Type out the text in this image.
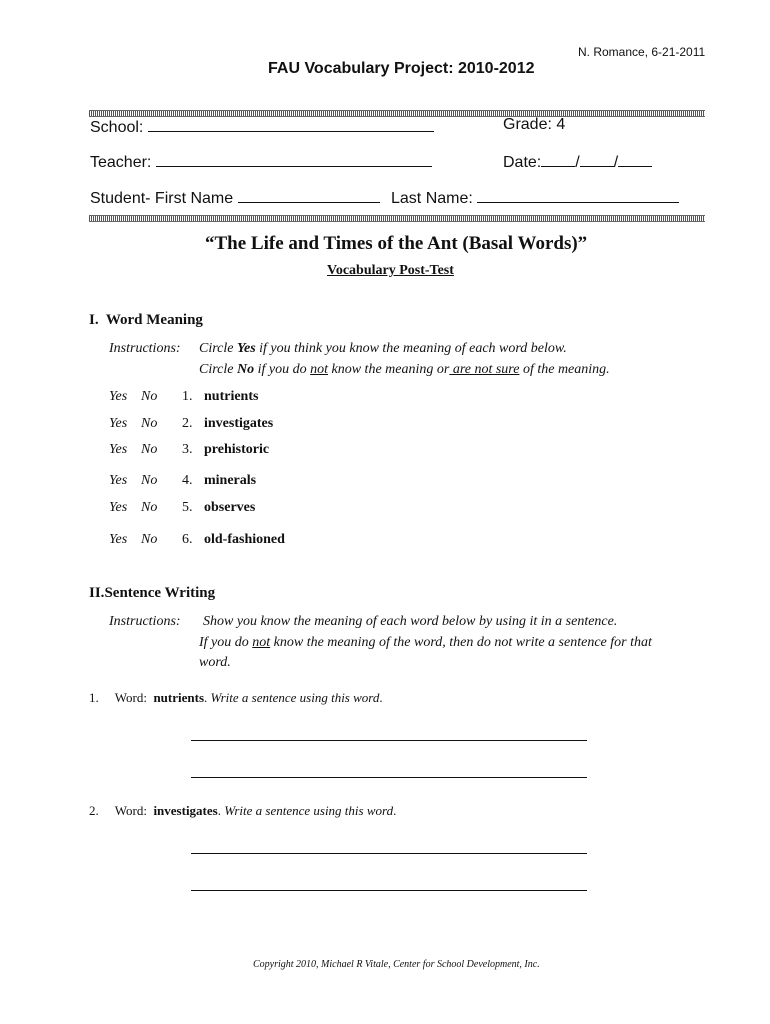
N. Romance, 6-21-2011
FAU Vocabulary Project: 2010-2012
School:	Grade: 4
Teacher:	Date: / /
Student- First Name	Last Name:
“The Life and Times of the Ant (Basal Words)”
Vocabulary Post-Test
I. Word Meaning
Instructions: Circle Yes if you think you know the meaning of each word below.
Circle No if you do not know the meaning or are not sure of the meaning.
Yes No 1. nutrients
Yes No 2. investigates
Yes No 3. prehistoric
Yes No 4. minerals
Yes No 5. observes
Yes No 6. old-fashioned
II.Sentence Writing
Instructions: Show you know the meaning of each word below by using it in a sentence.
If you do not know the meaning of the word, then do not write a sentence for that
word.
1. Word: nutrients. Write a sentence using this word.
2. Word: investigates. Write a sentence using this word.
Copyright 2010, Michael R Vitale, Center for School Development, Inc.
